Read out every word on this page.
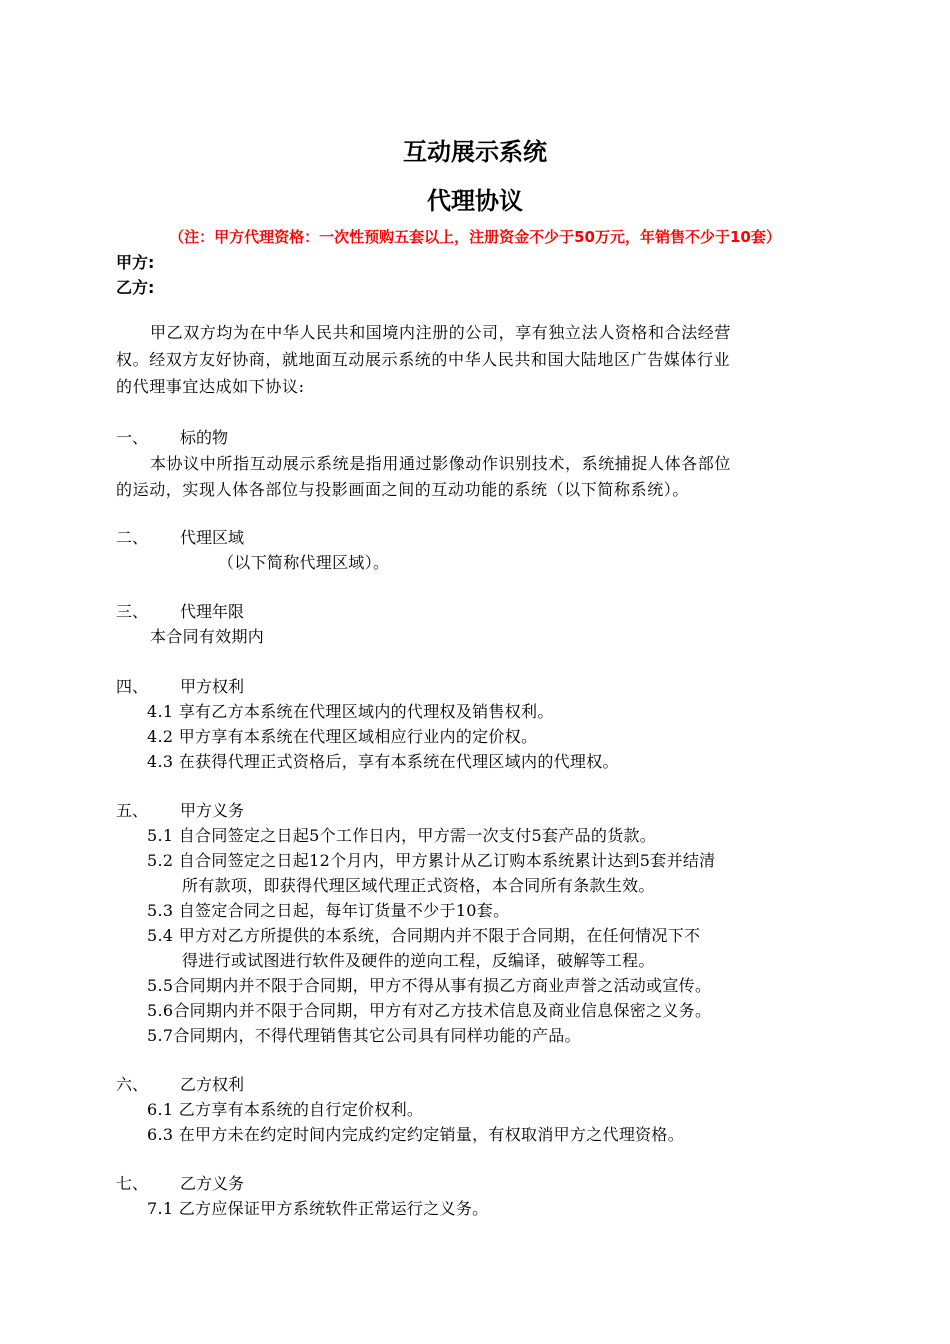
互动展示系统
代理协议
（注：甲方代理资格：一次性预购五套以上，注册资金不少于50万元，年销售不少于10套）
甲方:
乙方:
甲乙双方均为在中华人民共和国境内注册的公司，享有独立法人资格和合法经营
权。经双方友好协商，就地面互动展示系统的中华人民共和国大陆地区广告媒体行业
的代理事宜达成如下协议:
一、 标的物
本协议中所指互动展示系统是指用通过影像动作识别技术，系统捕捉人体各部位
的运动，实现人体各部位与投影画面之间的互动功能的系统（以下简称系统）。
二、 代理区域
（以下简称代理区域）。
三、 代理年限
本合同有效期内
四、 甲方权利
4.1 享有乙方本系统在代理区域内的代理权及销售权利。
4.2 甲方享有本系统在代理区域相应行业内的定价权。
4.3 在获得代理正式资格后，享有本系统在代理区域内的代理权。
五、 甲方义务
5.1 自合同签定之日起5个工作日内，甲方需一次支付5套产品的货款。
5.2 自合同签定之日起12个月内，甲方累计从乙订购本系统累计达到5套并结清
所有款项，即获得代理区域代理正式资格，本合同所有条款生效。
5.3 自签定合同之日起，每年订货量不少于10套。
5.4 甲方对乙方所提供的本系统，合同期内并不限于合同期，在任何情况下不
得进行或试图进行软件及硬件的逆向工程，反编译，破解等工程。
5.5合同期内并不限于合同期，甲方不得从事有损乙方商业声誉之活动或宣传。
5.6合同期内并不限于合同期，甲方有对乙方技术信息及商业信息保密之义务。
5.7合同期内，不得代理销售其它公司具有同样功能的产品。
六、 乙方权利
6.1 乙方享有本系统的自行定价权利。
6.3 在甲方未在约定时间内完成约定约定销量，有权取消甲方之代理资格。
七、 乙方义务
7.1 乙方应保证甲方系统软件正常运行之义务。
